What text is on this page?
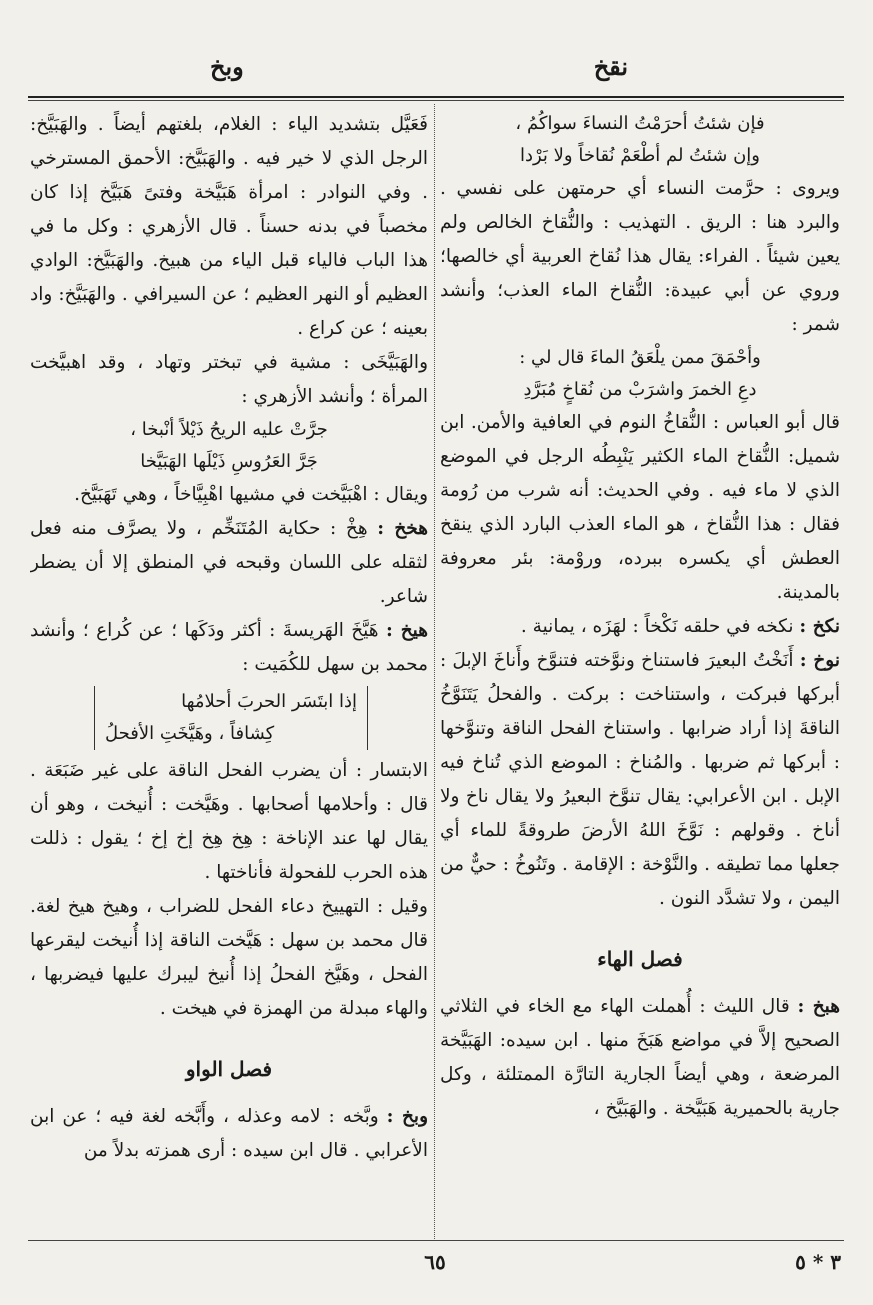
نقخ
وبخ

فإن شئتُ أحرَمْتُ النساءَ سواكُمُ ،

وإن شئتُ لم أطْعَمْ نُقاخاً ولا بَرْدا

ويروى : حرَّمت النساء أي حرمتهن على نفسي . والبرد هنا : الريق . التهذيب : والنُّقاخ الخالص ولم يعين شيئاً . الفراء: يقال هذا نُقاخ العربية أي خالصها؛ وروي عن أبي عبيدة: النُّقاخ الماء العذب؛ وأنشد شمر :

وأحْمَقَ ممن يلْعَقُ الماءَ قال لي :

دعِ الخمرَ واشرَبْ من نُقاخٍ مُبَرَّدِ

قال أبو العباس : النُّقاخُ النوم في العافية والأمن. ابن شميل: النُّقاخ الماء الكثير يَنْبِطُه الرجل في الموضع الذي لا ماء فيه . وفي الحديث: أنه شرب من رُومة فقال : هذا النُّقاخ ، هو الماء العذب البارد الذي ينقخ العطش أي يكسره ببرده، وروْمة: بئر معروفة بالمدينة.

نكخ : نكخه في حلقه نَكْخاً : لهَزَه ، يمانية .

نوخ : أَنَخْتُ البعيرَ فاستناخ ونوَّخته فتنوَّخ وأَناخَ الإبلَ : أبركها فبركت ، واستناخت : بركت . والفحلُ يَتَنَوَّخُ الناقةَ إذا أراد ضرابها . واستناخ الفحل الناقة وتنوَّخها : أبركها ثم ضربها . والمُناخ : الموضع الذي تُناخ فيه الإبل . ابن الأعرابي: يقال تنوَّخ البعيرُ ولا يقال ناخ ولا أناخ . وقولهم : نَوَّخَ اللهُ الأرضَ طروقةً للماء أي جعلها مما تطيقه . والنَّوْخة : الإقامة . وتَنُوخُ : حيٌّ من اليمن ، ولا تشدَّد النون .

فصل الهاء

هبخ : قال الليث : أُهملت الهاء مع الخاء في الثلاثي الصحيح إلاَّ في مواضع هَبَخَ منها . ابن سيده: الهَبَيَّخة المرضعة ، وهي أيضاً الجارية التارَّة الممتلئة ، وكل جارية بالحميرية هَبَيَّخة . والهَبَيَّخ ،

فَعَيَّل بتشديد الياء : الغلام، بلغتهم أيضاً . والهَبَيَّخ: الرجل الذي لا خير فيه . والهَبَيَّخ: الأحمق المسترخي . وفي النوادر : امرأة هَبَيَّخة وفتىً هَبَيَّخ إذا كان مخصباً في بدنه حسناً . قال الأزهري : وكل ما في هذا الباب فالياء قبل الياء من هبيخ. والهَبَيَّخ: الوادي العظيم أو النهر العظيم ؛ عن السيرافي . والهَبَيَّخ: واد بعينه ؛ عن كراع .

والهَبَيَّخَى : مشية في تبختر وتهاد ، وقد اهبيَّخت المرأة ؛ وأنشد الأزهري :

جرَّتْ عليه الريحُ ذَيْلاً أنْبخا ،

جَرَّ العَرُوسِ ذَيْلَها الهَبَيَّخا

ويقال : اهْبَيَّخت في مشيها اهْبِيَّاخاً ، وهي تَهَبَيَّخ.

هخخ : هِخْ : حكاية المُتَنَخِّم ، ولا يصرَّف منه فعل لثقله على اللسان وقبحه في المنطق إلا أن يضطر شاعر.

هيخ : هَيَّخَ الهَريسةَ : أكثر ودَكَها ؛ عن كُراع ؛ وأنشد محمد بن سهل للكُمَيت :

إذا ابتَسَر الحربَ أحلامُها

كِشافاً ، وهَيَّخَتِ الأفحلُ

الابتسار : أن يضرب الفحل الناقة على غير ضَبَعَة . قال : وأحلامها أصحابها . وهَيَّخت : أُنيخت ، وهو أن يقال لها عند الإناخة : هِخ هِخ إخ إخ ؛ يقول : ذللت هذه الحرب للفحولة فأناختها .

وقيل : التهييخ دعاء الفحل للضراب ، وهيخ هيخ لغة. قال محمد بن سهل : هَيَّخت الناقة إذا أُنيخت ليقرعها الفحل ، وهَيَّخ الفحلُ إذا أُنيخ ليبرك عليها فيضربها ، والهاء مبدلة من الهمزة في هيخت .

فصل الواو

وبخ : وبَّخه : لامه وعذله ، وأَبَّخه لغة فيه ؛ عن ابن الأعرابي . قال ابن سيده : أرى همزته بدلاً من

٦٥	٣ * ٥
